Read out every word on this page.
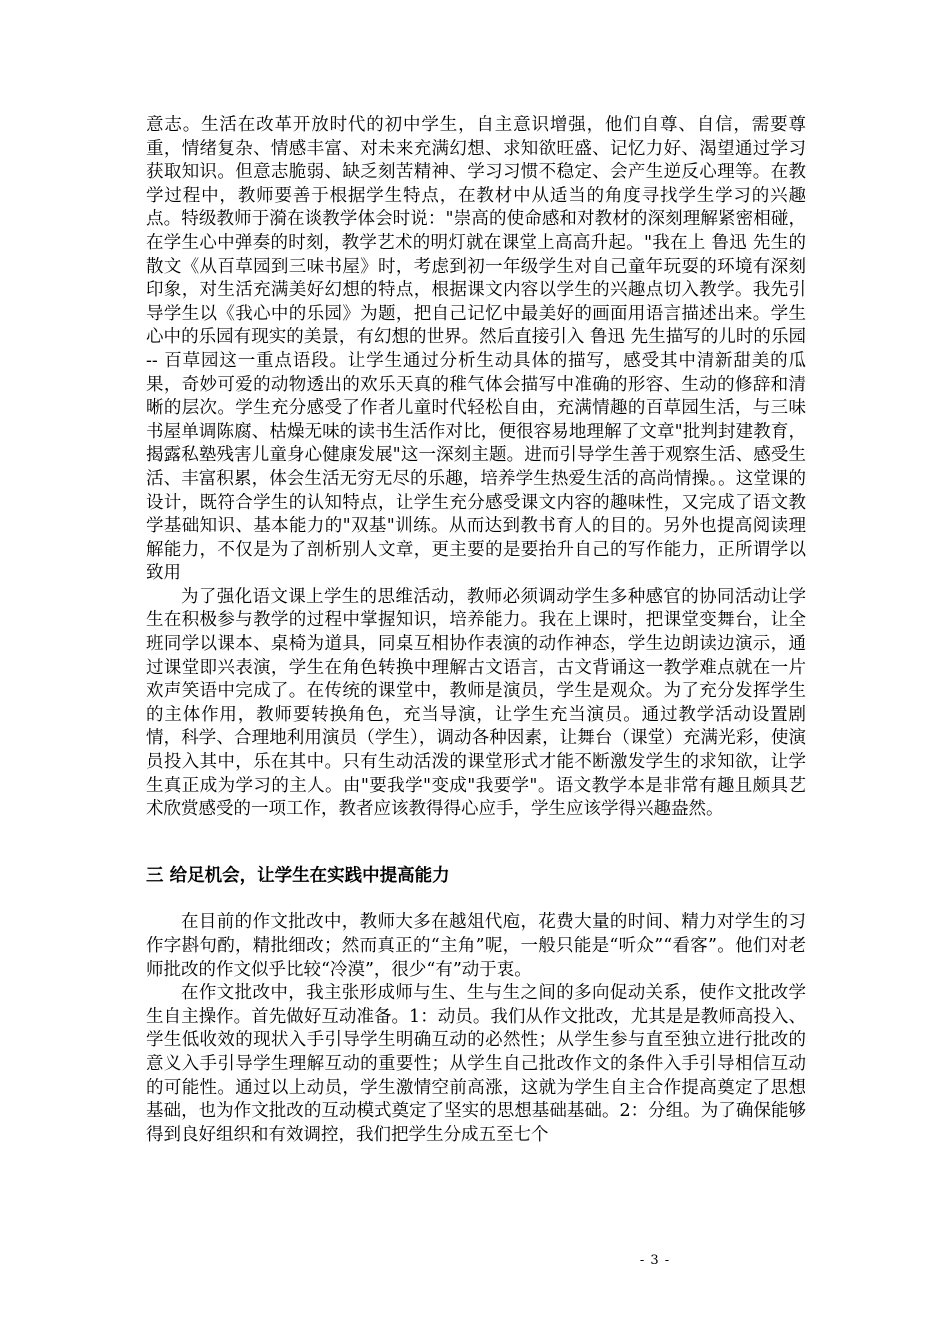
意志。生活在改革开放时代的初中学生，自主意识增强，他们自尊、自信，需要尊重，情绪复杂、情感丰富、对未来充满幻想、求知欲旺盛、记忆力好、渴望通过学习获取知识。但意志脆弱、缺乏刻苦精神、学习习惯不稳定、会产生逆反心理等。在教学过程中，教师要善于根据学生特点，在教材中从适当的角度寻找学生学习的兴趣点。特级教师于漪在谈教学体会时说："崇高的使命感和对教材的深刻理解紧密相碰，在学生心中弹奏的时刻，教学艺术的明灯就在课堂上高高升起。"我在上 鲁迅 先生的散文《从百草园到三味书屋》时，考虑到初一年级学生对自己童年玩耍的环境有深刻印象，对生活充满美好幻想的特点，根据课文内容以学生的兴趣点切入教学。我先引导学生以《我心中的乐园》为题，把自己记忆中最美好的画面用语言描述出来。学生心中的乐园有现实的美景，有幻想的世界。然后直接引入 鲁迅 先生描写的儿时的乐园 -- 百草园这一重点语段。让学生通过分析生动具体的描写，感受其中清新甜美的瓜果，奇妙可爱的动物透出的欢乐天真的稚气体会描写中准确的形容、生动的修辞和清晰的层次。学生充分感受了作者儿童时代轻松自由，充满情趣的百草园生活，与三味书屋单调陈腐、枯燥无味的读书生活作对比，便很容易地理解了文章"批判封建教育，揭露私塾残害儿童身心健康发展"这一深刻主题。进而引导学生善于观察生活、感受生活、丰富积累，体会生活无穷无尽的乐趣，培养学生热爱生活的高尚情操。。这堂课的设计，既符合学生的认知特点，让学生充分感受课文内容的趣味性，又完成了语文教学基础知识、基本能力的"双基"训练。从而达到教书育人的目的。另外也提高阅读理解能力，不仅是为了剖析别人文章，更主要的是要抬升自己的写作能力，正所谓学以致用

为了强化语文课上学生的思维活动，教师必须调动学生多种感官的协同活动让学生在积极参与教学的过程中掌握知识，培养能力。我在上课时，把课堂变舞台，让全班同学以课本、桌椅为道具，同桌互相协作表演的动作神态，学生边朗读边演示，通过课堂即兴表演，学生在角色转换中理解古文语言，古文背诵这一教学难点就在一片欢声笑语中完成了。在传统的课堂中，教师是演员，学生是观众。为了充分发挥学生的主体作用，教师要转换角色，充当导演，让学生充当演员。通过教学活动设置剧情，科学、合理地利用演员（学生），调动各种因素，让舞台（课堂）充满光彩，使演员投入其中，乐在其中。只有生动活泼的课堂形式才能不断激发学生的求知欲，让学生真正成为学习的主人。由"要我学"变成"我要学"。语文教学本是非常有趣且颇具艺术欣赏感受的一项工作，教者应该教得得心应手，学生应该学得兴趣盎然。

三 给足机会，让学生在实践中提高能力

在目前的作文批改中，教师大多在越俎代庖，花费大量的时间、精力对学生的习作字斟句酌，精批细改；然而真正的“主角”呢，一般只能是“听众”“看客”。他们对老师批改的作文似乎比较“冷漠”，很少“有”动于衷。

在作文批改中，我主张形成师与生、生与生之间的多向促动关系，使作文批改学生自主操作。首先做好互动准备。1：动员。我们从作文批改，尤其是是教师高投入、学生低收效的现状入手引导学生明确互动的必然性；从学生参与直至独立进行批改的意义入手引导学生理解互动的重要性；从学生自己批改作文的条件入手引导相信互动的可能性。通过以上动员，学生激情空前高涨，这就为学生自主合作提高奠定了思想基础，也为作文批改的互动模式奠定了坚实的思想基础基础。2：分组。为了确保能够得到良好组织和有效调控，我们把学生分成五至七个

- 3 -
